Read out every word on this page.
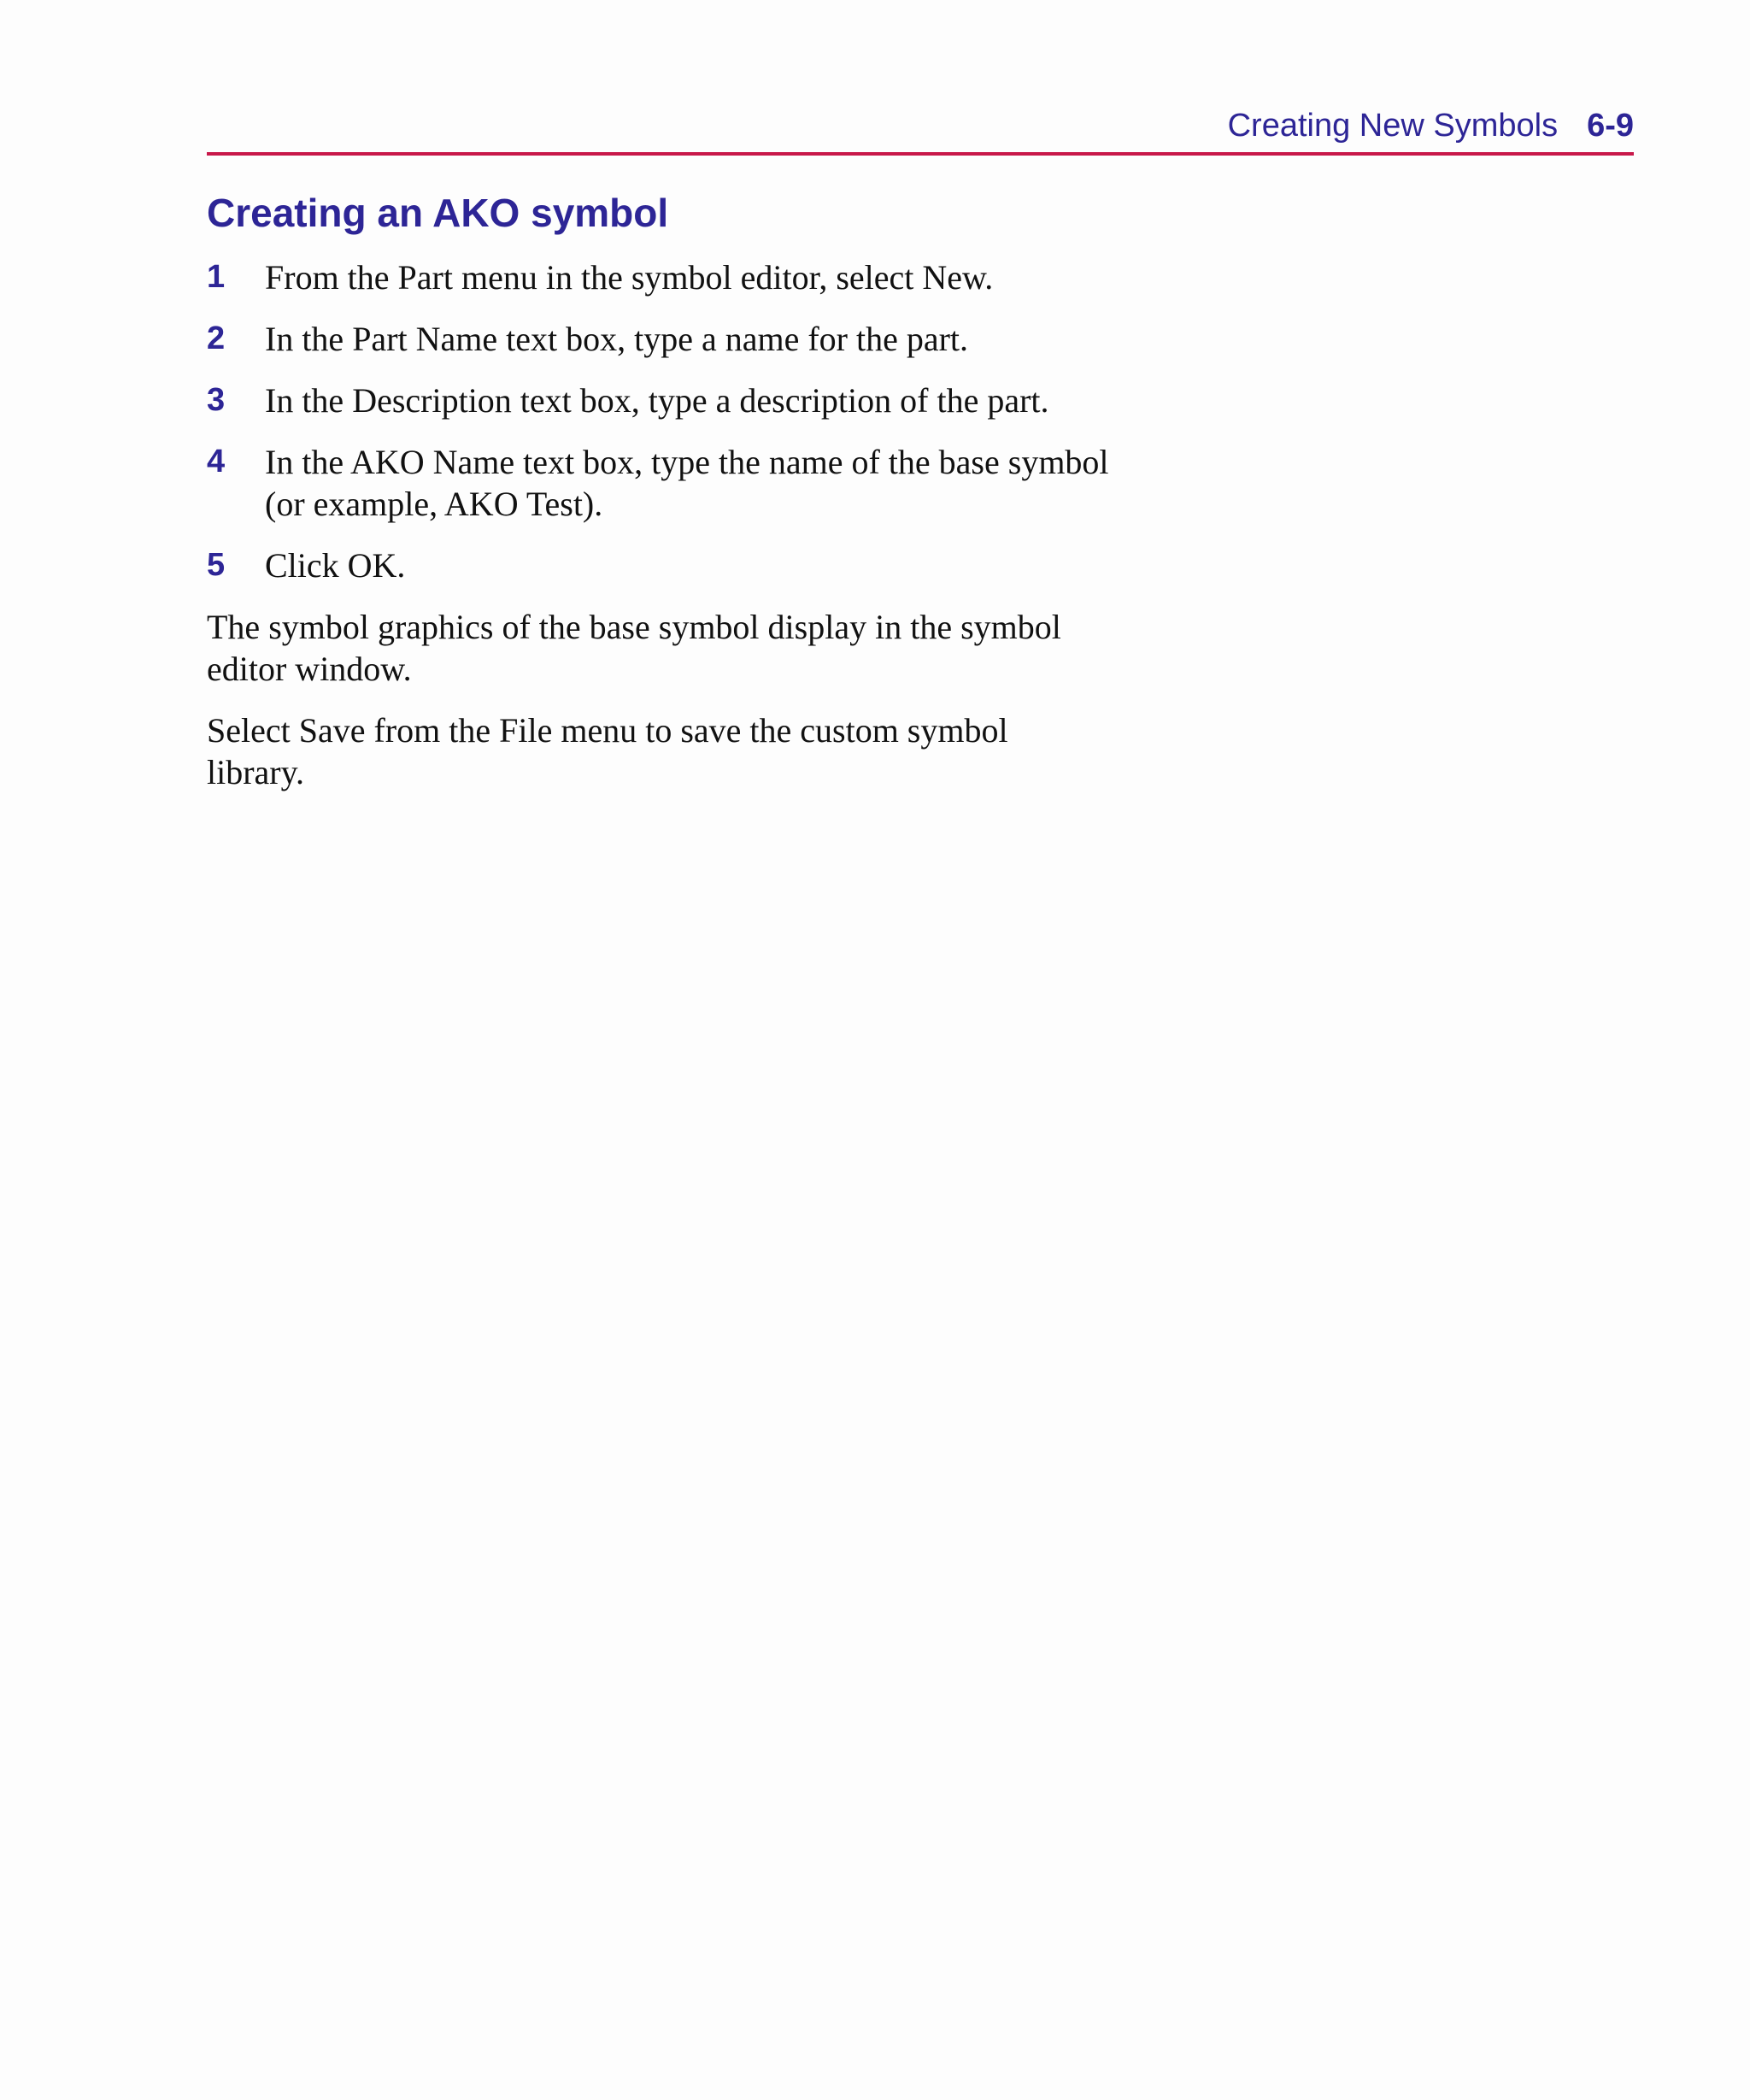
Creating New Symbols 6-9
Creating an AKO symbol
1	From the Part menu in the symbol editor, select New.
2	In the Part Name text box, type a name for the part.
3	In the Description text box, type a description of the part.
4	In the AKO Name text box, type the name of the base symbol (or example, AKO Test).
5	Click OK.

The symbol graphics of the base symbol display in the symbol editor window.

Select Save from the File menu to save the custom symbol library.
